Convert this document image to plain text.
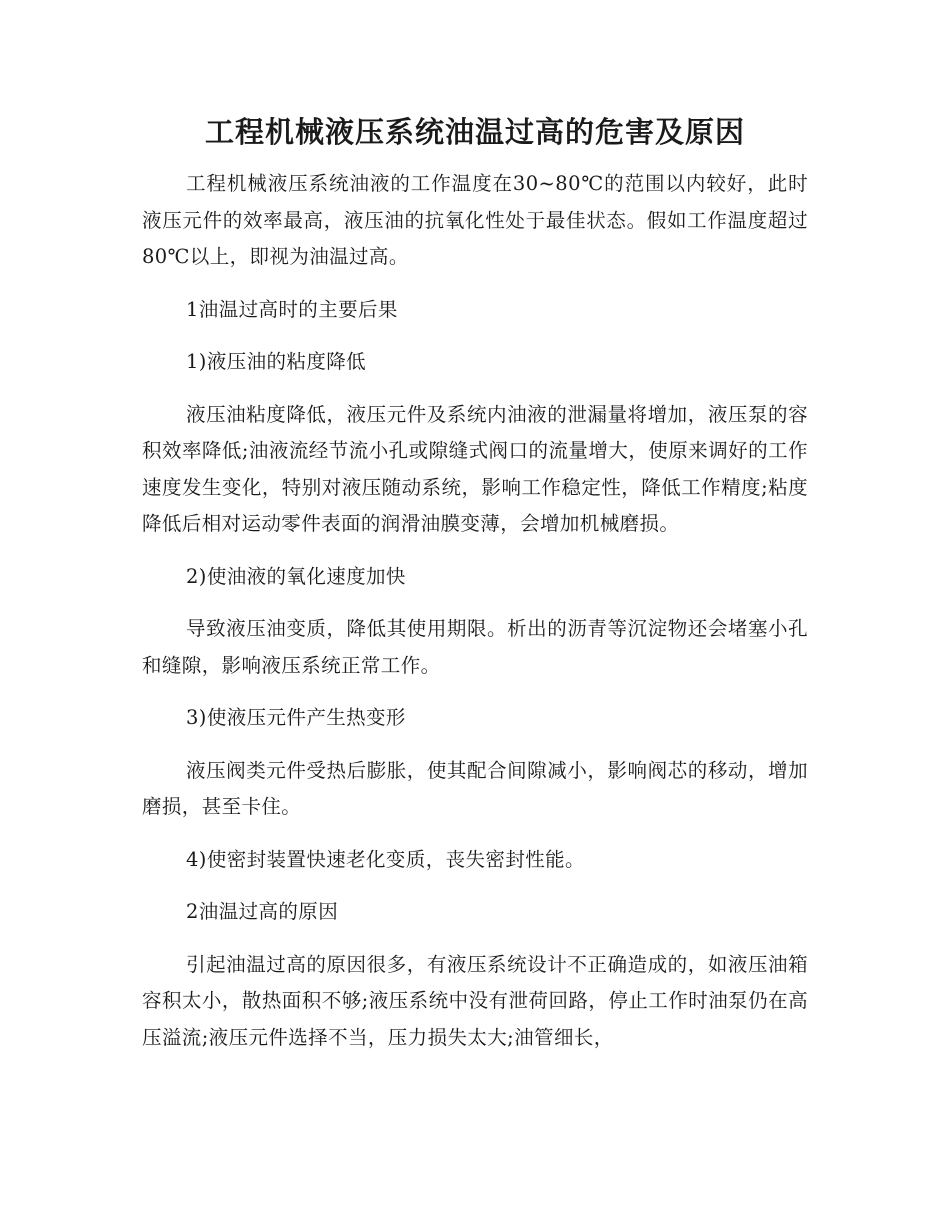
工程机械液压系统油温过高的危害及原因

工程机械液压系统油液的工作温度在30~80℃的范围以内较好，此时液压元件的效率最高，液压油的抗氧化性处于最佳状态。假如工作温度超过80℃以上，即视为油温过高。

1油温过高时的主要后果

1)液压油的粘度降低

液压油粘度降低，液压元件及系统内油液的泄漏量将增加，液压泵的容积效率降低;油液流经节流小孔或隙缝式阀口的流量增大，使原来调好的工作速度发生变化，特别对液压随动系统，影响工作稳定性，降低工作精度;粘度降低后相对运动零件表面的润滑油膜变薄，会增加机械磨损。

2)使油液的氧化速度加快

导致液压油变质，降低其使用期限。析出的沥青等沉淀物还会堵塞小孔和缝隙，影响液压系统正常工作。

3)使液压元件产生热变形

液压阀类元件受热后膨胀，使其配合间隙减小，影响阀芯的移动，增加磨损，甚至卡住。

4)使密封装置快速老化变质，丧失密封性能。

2油温过高的原因

引起油温过高的原因很多，有液压系统设计不正确造成的，如液压油箱容积太小，散热面积不够;液压系统中没有泄荷回路，停止工作时油泵仍在高压溢流;液压元件选择不当，压力损失太大;油管细长，
